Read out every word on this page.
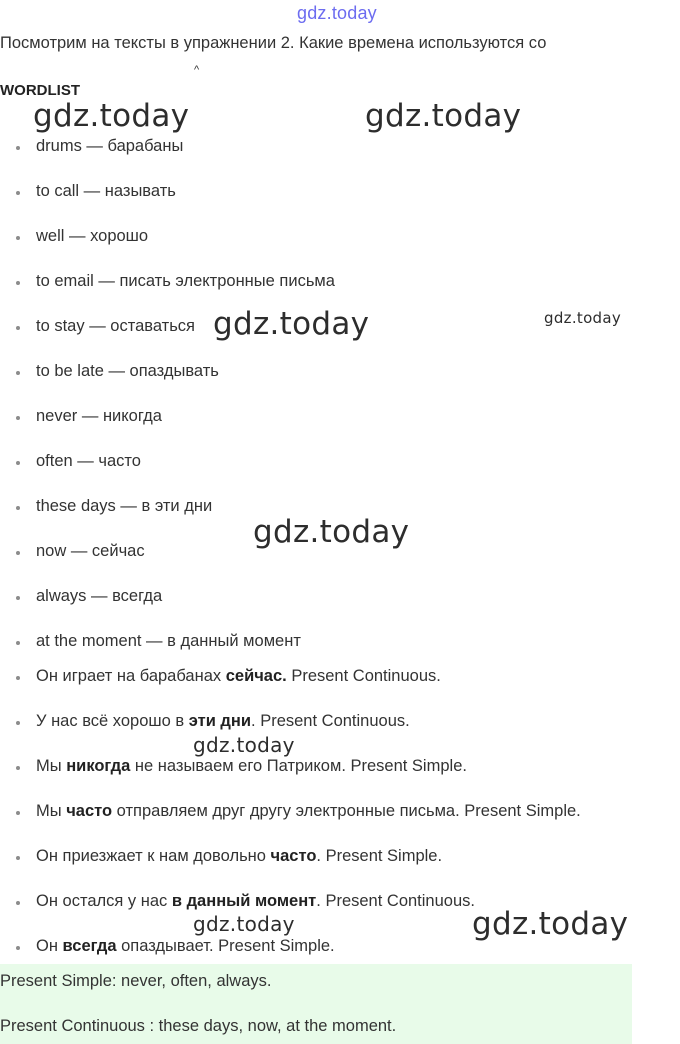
gdz.today
Посмотрим на тексты в упражнении 2. Какие времена используются со
^
WORDLIST
drums — барабаны
to call — называть
well — хорошо
to email — писать электронные письма
to stay — оставаться
to be late — опаздывать
never — никогда
often — часто
these days — в эти дни
now — сейчас
always — всегда
at the moment — в данный момент
Он играет на барабанах сейчас. Present Continuous.
У нас всё хорошо в эти дни. Present Continuous.
Мы никогда не называем его Патриком. Present Simple.
Мы часто отправляем друг другу электронные письма. Present Simple.
Он приезжает к нам довольно часто. Present Simple.
Он остался у нас в данный момент. Present Continuous.
Он всегда опаздывает. Present Simple.
Present Simple: never, often, always.
Present Continuous : these days, now, at the moment.
gdz.today	gdz.today
gdz.today	gdz.today
gdz.today
gdz.today
gdz.today	gdz.today
